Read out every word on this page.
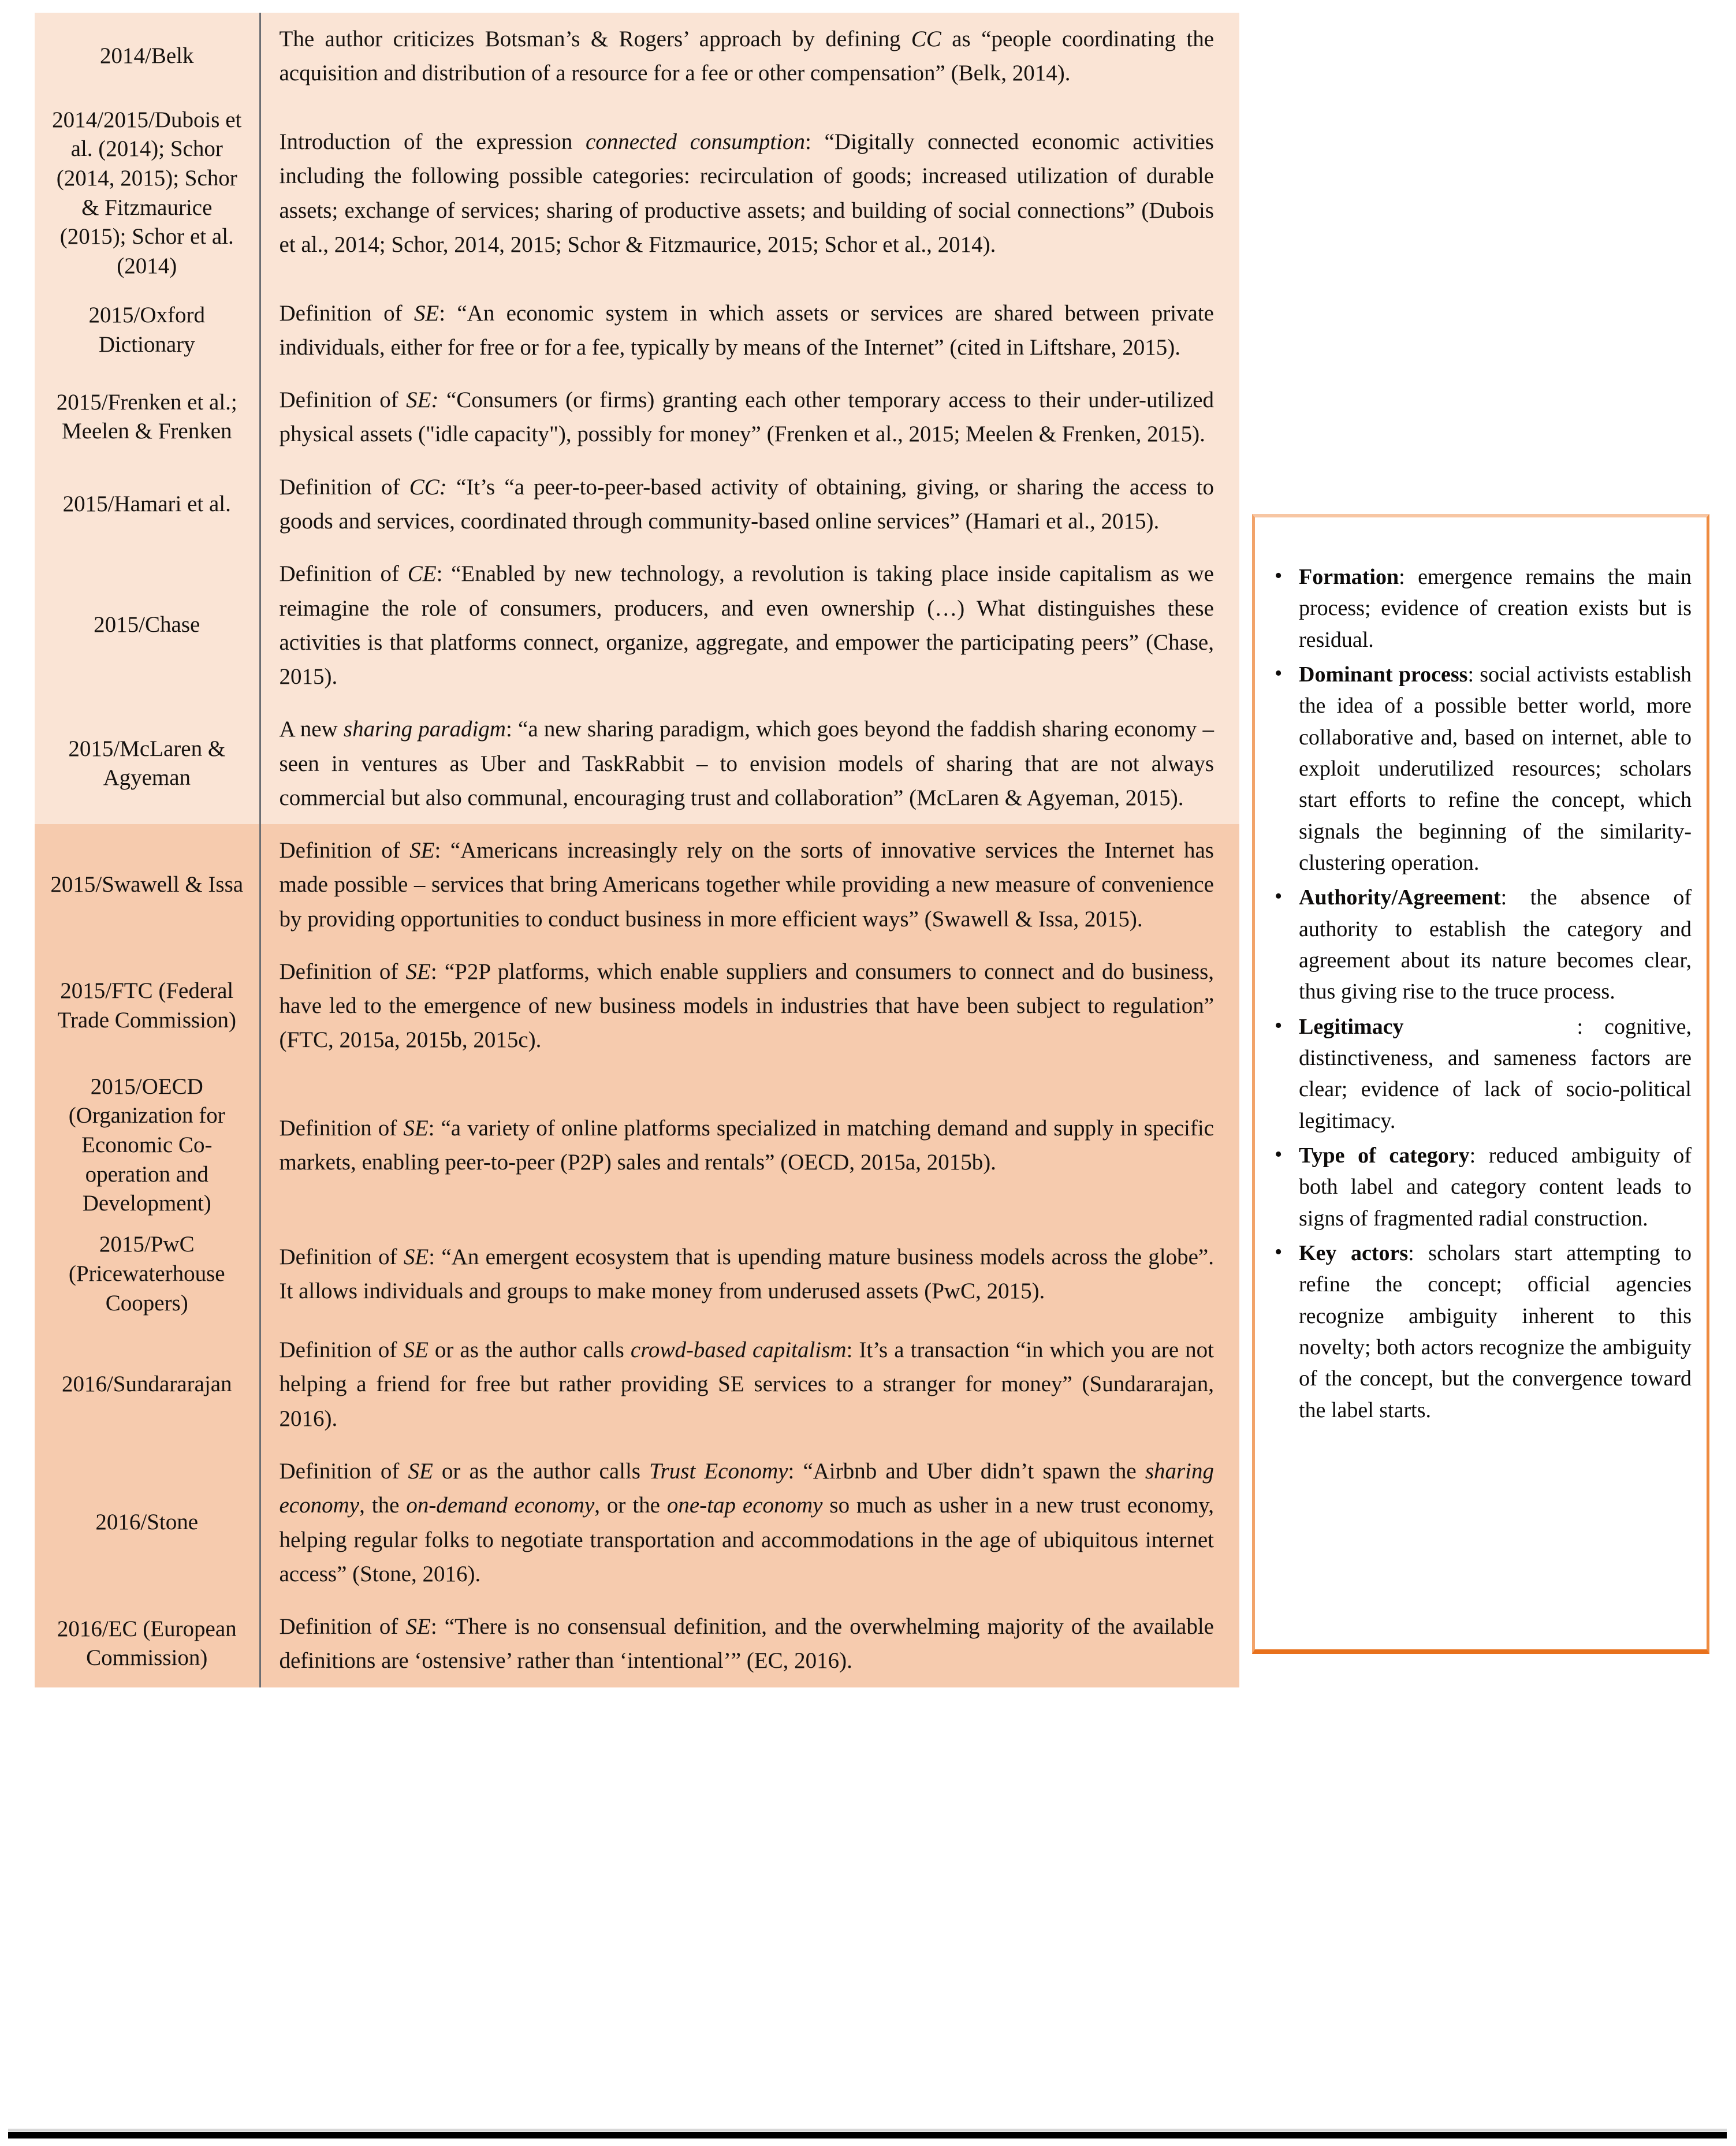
2014/Belk	The author criticizes Botsman’s & Rogers’ approach by defining CC as “people coordinating the acquisition and distribution of a resource for a fee or other compensation” (Belk, 2014).
2014/2015/Dubois et al. (2014); Schor (2014, 2015); Schor & Fitzmaurice (2015); Schor et al. (2014)	Introduction of the expression connected consumption: “Digitally connected economic activities including the following possible categories: recirculation of goods; increased utilization of durable assets; exchange of services; sharing of productive assets; and building of social connections” (Dubois et al., 2014; Schor, 2014, 2015; Schor & Fitzmaurice, 2015; Schor et al., 2014).
2015/Oxford Dictionary	Definition of SE: “An economic system in which assets or services are shared between private individuals, either for free or for a fee, typically by means of the Internet” (cited in Liftshare, 2015).
2015/Frenken et al.; Meelen & Frenken	Definition of SE: “Consumers (or firms) granting each other temporary access to their under-utilized physical assets ("idle capacity"), possibly for money” (Frenken et al., 2015; Meelen & Frenken, 2015).
2015/Hamari et al.	Definition of CC: “It’s “a peer-to-peer-based activity of obtaining, giving, or sharing the access to goods and services, coordinated through community-based online services” (Hamari et al., 2015).
2015/Chase	Definition of CE: “Enabled by new technology, a revolution is taking place inside capitalism as we reimagine the role of consumers, producers, and even ownership (…) What distinguishes these activities is that platforms connect, organize, aggregate, and empower the participating peers” (Chase, 2015).
2015/McLaren & Agyeman	A new sharing paradigm: “a new sharing paradigm, which goes beyond the faddish sharing economy – seen in ventures as Uber and TaskRabbit – to envision models of sharing that are not always commercial but also communal, encouraging trust and collaboration” (McLaren & Agyeman, 2015).
2015/Swawell & Issa	Definition of SE: “Americans increasingly rely on the sorts of innovative services the Internet has made possible – services that bring Americans together while providing a new measure of convenience by providing opportunities to conduct business in more efficient ways” (Swawell & Issa, 2015).
2015/FTC (Federal Trade Commission)	Definition of SE: “P2P platforms, which enable suppliers and consumers to connect and do business, have led to the emergence of new business models in industries that have been subject to regulation” (FTC, 2015a, 2015b, 2015c).
2015/OECD (Organization for Economic Co-operation and Development)	Definition of SE: “a variety of online platforms specialized in matching demand and supply in specific markets, enabling peer-to-peer (P2P) sales and rentals” (OECD, 2015a, 2015b).
2015/PwC (Pricewaterhouse Coopers)	Definition of SE: “An emergent ecosystem that is upending mature business models across the globe”. It allows individuals and groups to make money from underused assets (PwC, 2015).
2016/Sundararajan	Definition of SE or as the author calls crowd-based capitalism: It’s a transaction “in which you are not helping a friend for free but rather providing SE services to a stranger for money” (Sundararajan, 2016).
2016/Stone	Definition of SE or as the author calls Trust Economy: “Airbnb and Uber didn’t spawn the sharing economy, the on-demand economy, or the one-tap economy so much as usher in a new trust economy, helping regular folks to negotiate transportation and accommodations in the age of ubiquitous internet access” (Stone, 2016).
2016/EC (European Commission)	Definition of SE: “There is no consensual definition, and the overwhelming majority of the available definitions are ‘ostensive’ rather than ‘intentional’” (EC, 2016).
• Formation: emergence remains the main process; evidence of creation exists but is residual.
• Dominant process: social activists establish the idea of a possible better world, more collaborative and, based on internet, able to exploit underutilized resources; scholars start efforts to refine the concept, which signals the beginning of the similarity-clustering operation.
• Authority/Agreement: the absence of authority to establish the category and agreement about its nature becomes clear, thus giving rise to the truce process.
• Legitimacy	: cognitive, distinctiveness, and sameness factors are clear; evidence of lack of socio-political legitimacy.
• Type of category: reduced ambiguity of both label and category content leads to signs of fragmented radial construction.
• Key actors: scholars start attempting to refine the concept; official agencies recognize ambiguity inherent to this novelty; both actors recognize the ambiguity of the concept, but the convergence toward the label starts.
